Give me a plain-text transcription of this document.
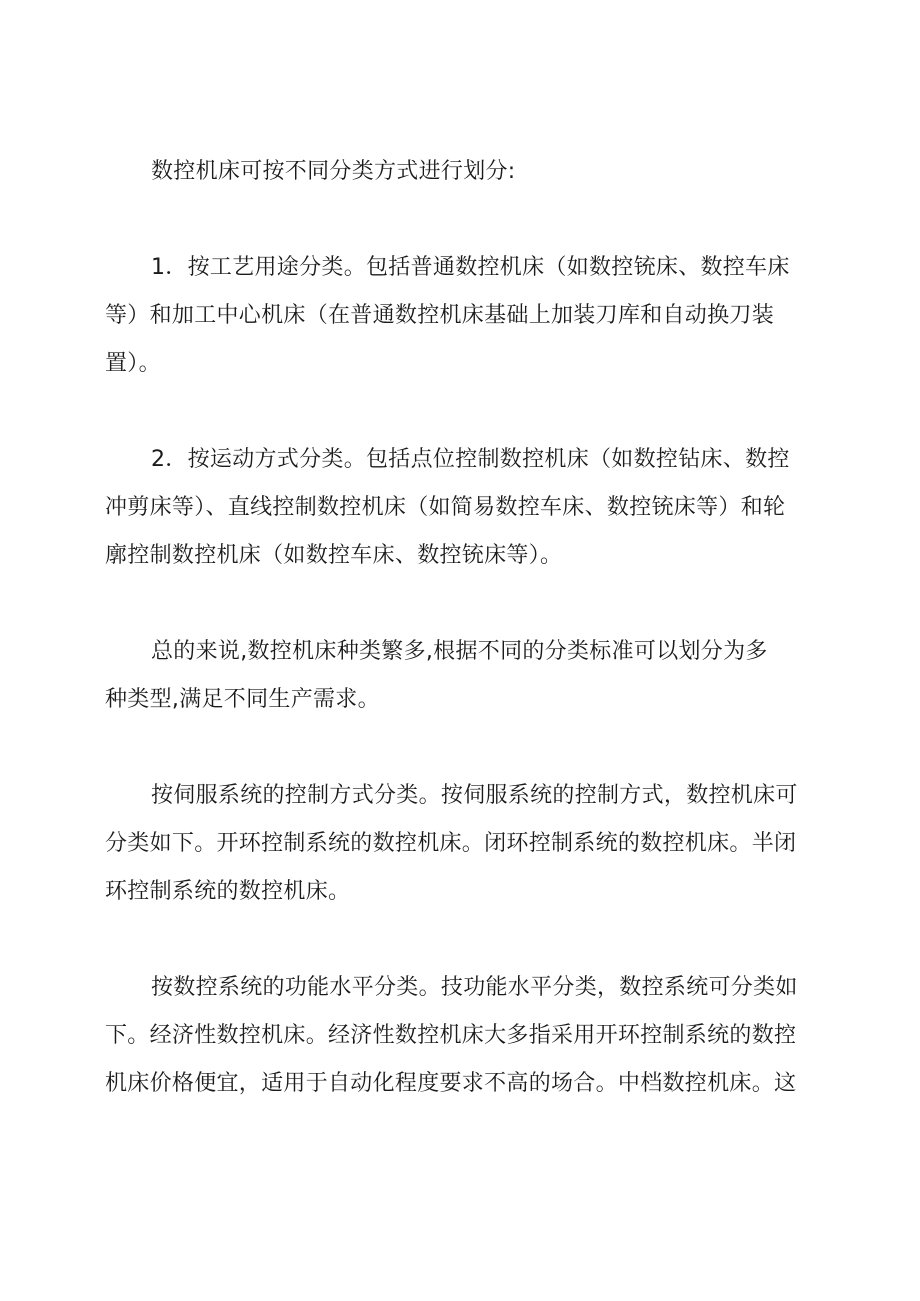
数控机床可按不同分类方式进行划分:
1．按工艺用途分类。包括普通数控机床（如数控铳床、数控车床
等）和加工中心机床（在普通数控机床基础上加装刀库和自动换刀装
置）。
2．按运动方式分类。包括点位控制数控机床（如数控钻床、数控
冲剪床等）、直线控制数控机床（如简易数控车床、数控铳床等）和轮
廓控制数控机床（如数控车床、数控铳床等）。
总的来说,数控机床种类繁多,根据不同的分类标准可以划分为多
种类型,满足不同生产需求。
按伺服系统的控制方式分类。按伺服系统的控制方式，数控机床可
分类如下。开环控制系统的数控机床。闭环控制系统的数控机床。半闭
环控制系统的数控机床。
按数控系统的功能水平分类。技功能水平分类，数控系统可分类如
下。经济性数控机床。经济性数控机床大多指采用开环控制系统的数控
机床价格便宜，适用于自动化程度要求不高的场合。中档数控机床。这
